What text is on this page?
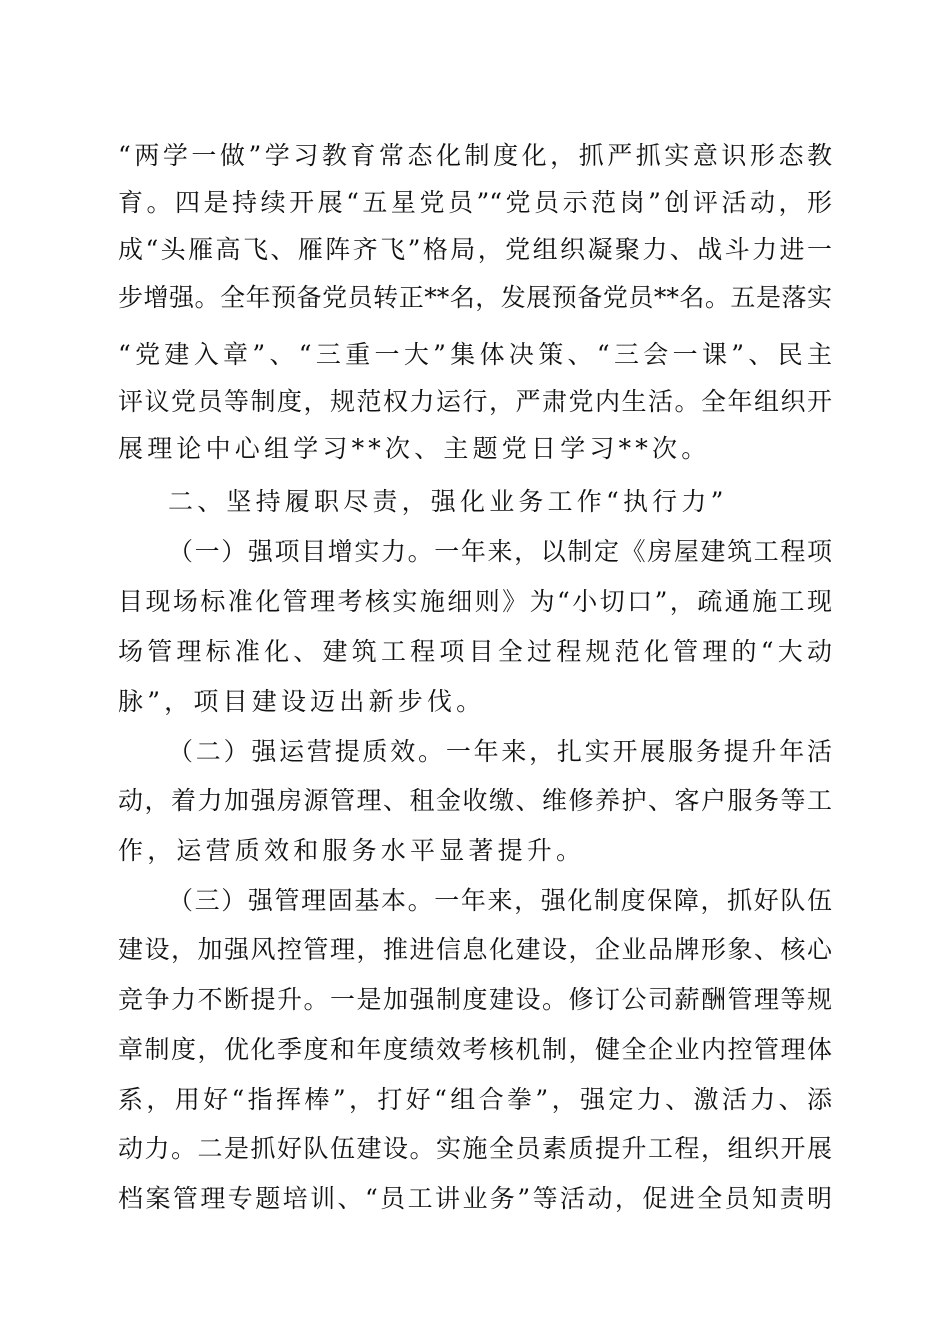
“两学一做”学习教育常态化制度化，抓严抓实意识形态教
育。四是持续开展“五星党员”“党员示范岗”创评活动，形
成“头雁高飞、雁阵齐飞”格局，党组织凝聚力、战斗力进一
步增强。全年预备党员转正**名，发展预备党员**名。五是落实
“党建入章”、“三重一大”集体决策、“三会一课”、民主
评议党员等制度，规范权力运行，严肃党内生活。全年组织开
展理论中心组学习**次、主题党日学习**次。
二、坚持履职尽责，强化业务工作“执行力”
（一）强项目增实力。一年来，以制定《房屋建筑工程项
目现场标准化管理考核实施细则》为“小切口”，疏通施工现
场管理标准化、建筑工程项目全过程规范化管理的“大动
脉”，项目建设迈出新步伐。
（二）强运营提质效。一年来，扎实开展服务提升年活
动，着力加强房源管理、租金收缴、维修养护、客户服务等工
作，运营质效和服务水平显著提升。
（三）强管理固基本。一年来，强化制度保障，抓好队伍
建设，加强风控管理，推进信息化建设，企业品牌形象、核心
竞争力不断提升。一是加强制度建设。修订公司薪酬管理等规
章制度，优化季度和年度绩效考核机制，健全企业内控管理体
系，用好“指挥棒”，打好“组合拳”，强定力、激活力、添
动力。二是抓好队伍建设。实施全员素质提升工程，组织开展
档案管理专题培训、“员工讲业务”等活动，促进全员知责明
